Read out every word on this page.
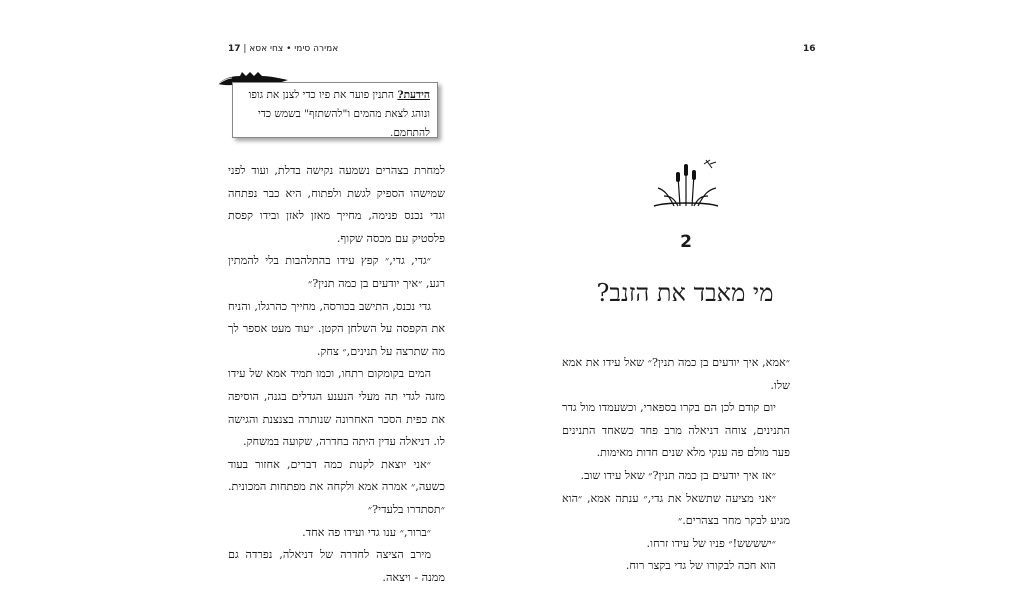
אמירה סימי • צחי אסא | 17
הידעת? התנין פוער את פיו כדי לצנן את גופו ונוהג לצאת מהמים ו"להשתזף" בשמש כדי להתחמם.

למחרת בצהרים נשמעה נקישה בדלת, ועוד לפני שמישהו הספיק לגשת ולפתוח, היא כבר נפתחה וגדי נכנס פנימה, מחייך מאזן לאזן ובידו קפסת פלסטיק עם מכסה שקוף.

״גדי, גדי,״ קפץ עידו בהתלהבות בלי להמתין רגע, ״איך יודעים בן כמה תנין?״

גדי נכנס, התישב בכורסה, מחייך כהרגלו, והניח את הקפסה על השלחן הקטן. ״עוד מעט אספר לך מה שתרצה על תנינים,״ צחק.

המים בקומקום רתחו, וכמו תמיד אמא של עידו מזגה לגדי תה מעלי הנענע הגדלים בגנה, הוסיפה את כפית הסכר האחרונה שנותרה בצנצנת והגישה לו. דניאלה עדין היתה בחדרה, שקועה במשחק.

״אני יוצאת לקנות כמה דברים, אחזור בעוד כשעה,״ אמרה אמא ולקחה את מפתחות המכונית. ״תסתדרו בלעדי?״

״ברור,״ ענו גדי ועידו פה אחד.

מירב הציצה לחדרה של דניאלה, נפרדה גם ממנה - ויצאה.

16
2
מי מאבד את הזנב?

״אמא, איך יודעים בן כמה תנין?״ שאל עידו את אמא שלו.

יום קודם לכן הם בקרו בספארי, וכשעמדו מול גדר התנינים, צוחה דניאלה מרב פחד כשאחד התנינים פער מולם פה ענקי מלא שנים חדות מאימות.

״אז איך יודעים בן כמה תנין?״ שאל עידו שוב.

״אני מציעה שתשאל את גדי,״ ענתה אמא, ״הוא מגיע לבקר מחר בצהרים.״

״ישששש!״ פניו של עידו זרחו.

הוא חכה לבקורו של גדי בקצר רוח.
